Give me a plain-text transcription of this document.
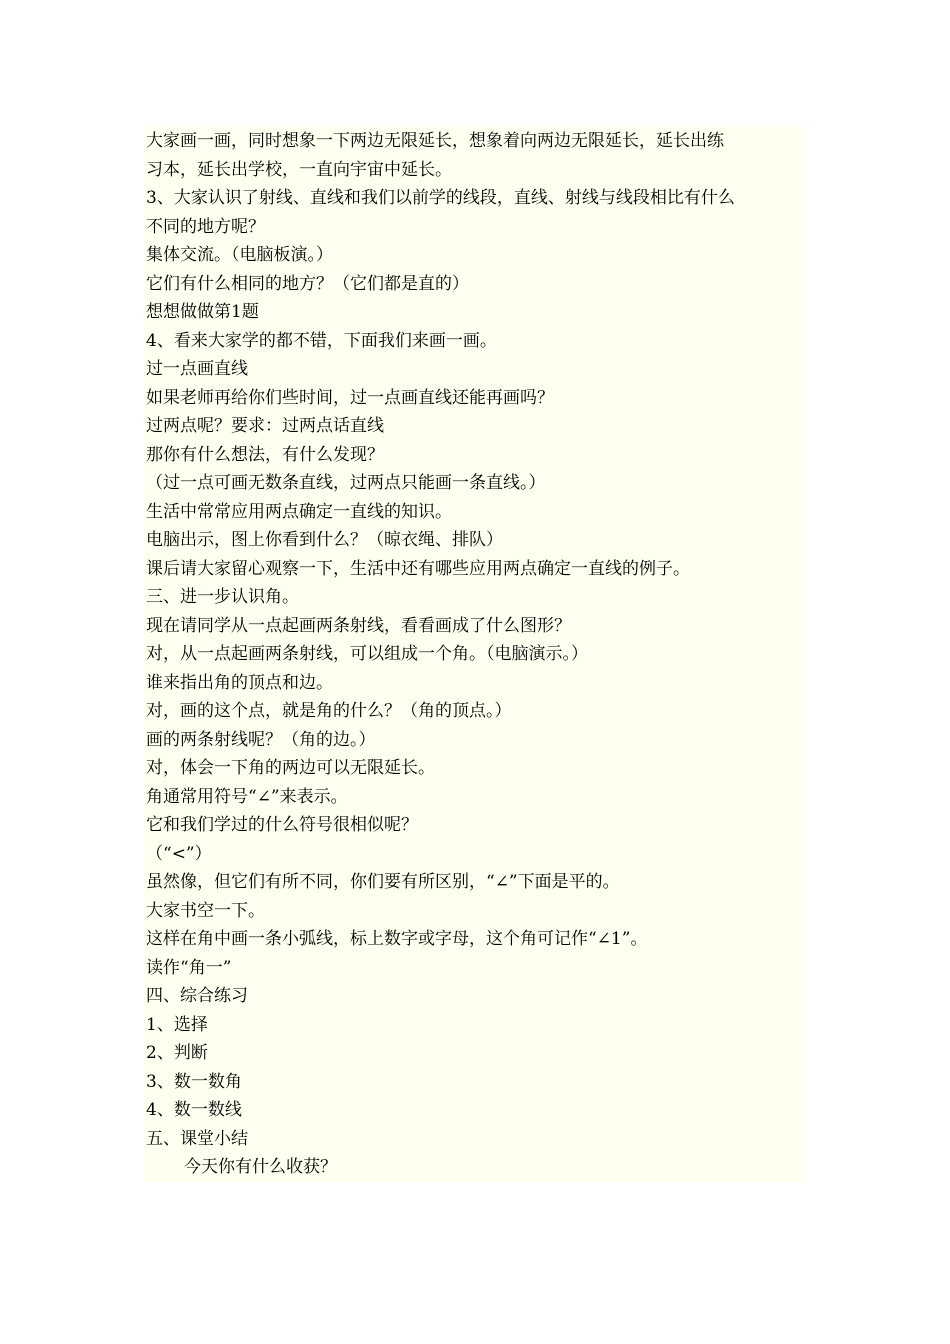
大家画一画，同时想象一下两边无限延长，想象着向两边无限延长，延长出练
习本，延长出学校，一直向宇宙中延长。
3、大家认识了射线、直线和我们以前学的线段，直线、射线与线段相比有什么
不同的地方呢？
集体交流。（电脑板演。）
它们有什么相同的地方？（它们都是直的）
想想做做第1题
4、看来大家学的都不错，下面我们来画一画。
过一点画直线
如果老师再给你们些时间，过一点画直线还能再画吗？
过两点呢？要求：过两点话直线
那你有什么想法，有什么发现？
（过一点可画无数条直线，过两点只能画一条直线。）
生活中常常应用两点确定一直线的知识。
电脑出示，图上你看到什么？（晾衣绳、排队）
课后请大家留心观察一下，生活中还有哪些应用两点确定一直线的例子。
三、进一步认识角。
现在请同学从一点起画两条射线，看看画成了什么图形？
对，从一点起画两条射线，可以组成一个角。（电脑演示。）
谁来指出角的顶点和边。
对，画的这个点，就是角的什么？（角的顶点。）
画的两条射线呢？（角的边。）
对，体会一下角的两边可以无限延长。
角通常用符号“∠”来表示。
它和我们学过的什么符号很相似呢？
（“<”）
虽然像，但它们有所不同，你们要有所区别，“∠”下面是平的。
大家书空一下。
这样在角中画一条小弧线，标上数字或字母，这个角可记作“∠1”。
读作“角一”
四、综合练习
1、选择
2、判断
3、数一数角
4、数一数线
五、课堂小结
今天你有什么收获？
